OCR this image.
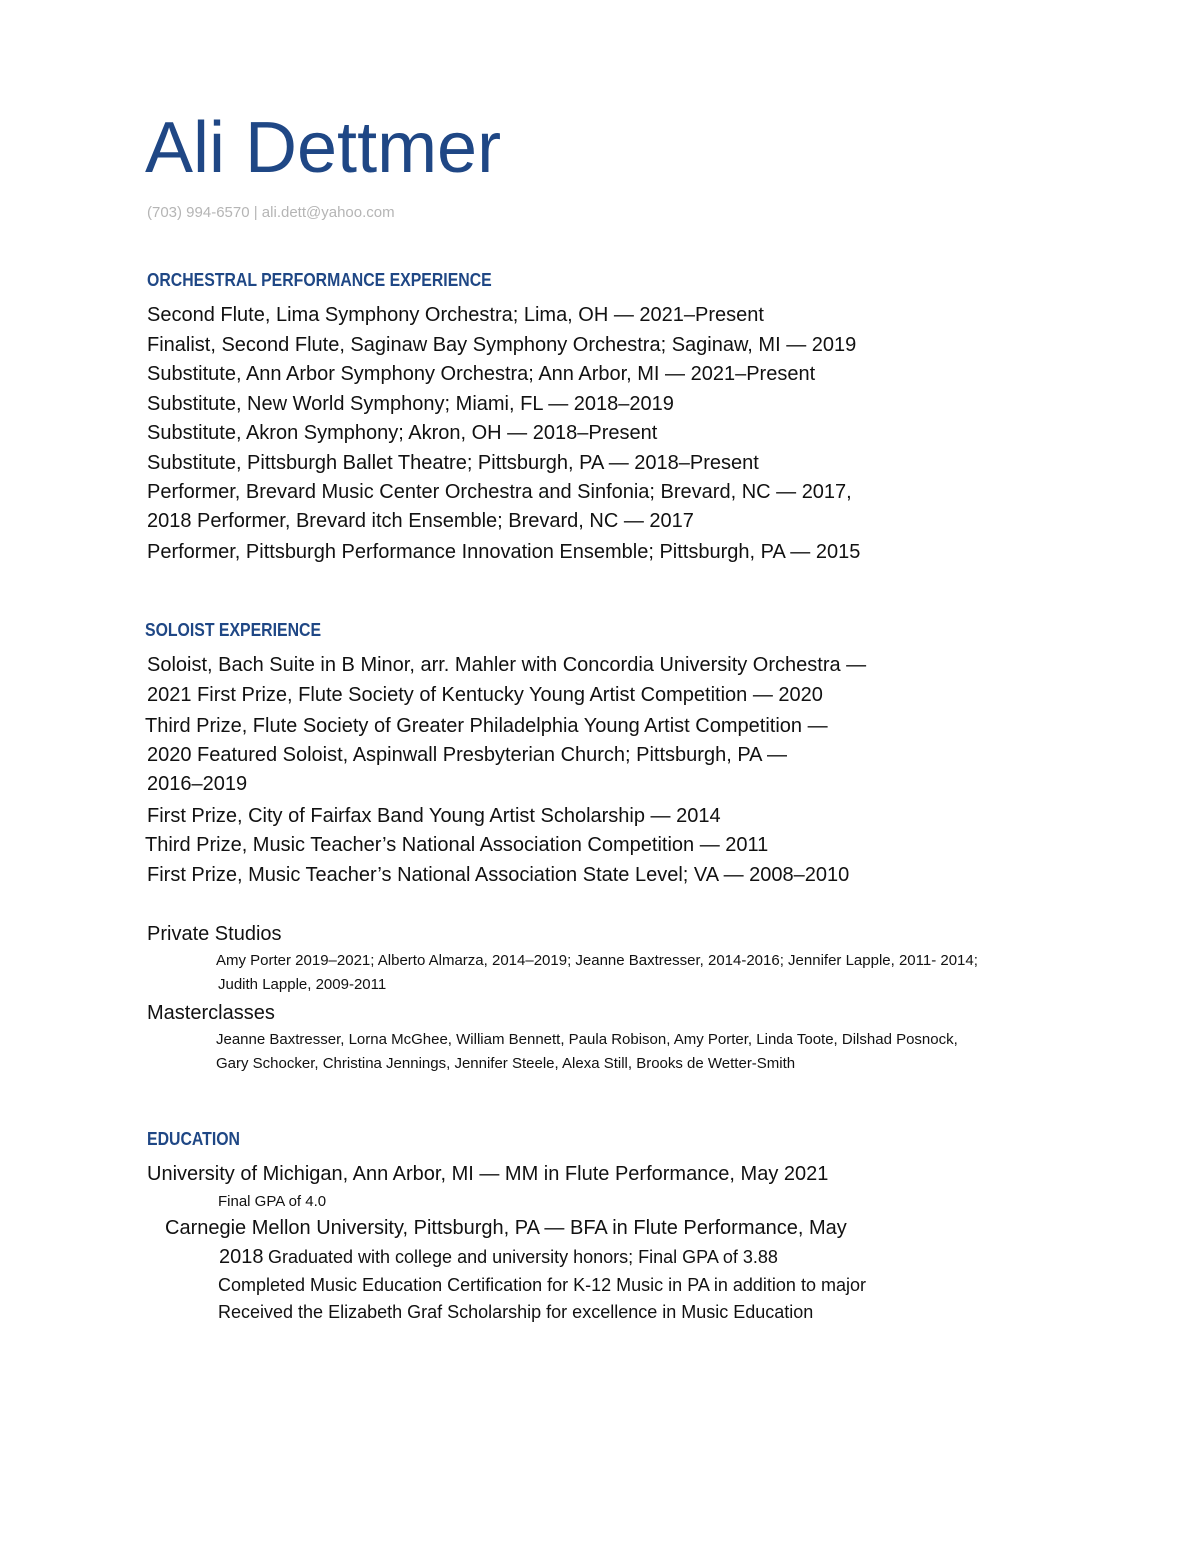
Ali Dettmer
(703) 994-6570 | ali.dett@yahoo.com
ORCHESTRAL PERFORMANCE EXPERIENCE
Second Flute, Lima Symphony Orchestra; Lima, OH — 2021–Present
Finalist, Second Flute, Saginaw Bay Symphony Orchestra; Saginaw, MI — 2019
Substitute, Ann Arbor Symphony Orchestra; Ann Arbor, MI — 2021–Present
Substitute, New World Symphony; Miami, FL — 2018–2019
Substitute, Akron Symphony; Akron, OH — 2018–Present
Substitute, Pittsburgh Ballet Theatre; Pittsburgh, PA — 2018–Present
Performer, Brevard Music Center Orchestra and Sinfonia; Brevard, NC — 2017,
2018 Performer, Brevard itch Ensemble; Brevard, NC — 2017
Performer, Pittsburgh Performance Innovation Ensemble; Pittsburgh, PA — 2015
SOLOIST EXPERIENCE
Soloist, Bach Suite in B Minor, arr. Mahler with Concordia University Orchestra —
2021 First Prize, Flute Society of Kentucky Young Artist Competition — 2020
Third Prize, Flute Society of Greater Philadelphia Young Artist Competition —
2020 Featured Soloist, Aspinwall Presbyterian Church; Pittsburgh, PA —
2016–2019
First Prize, City of Fairfax Band Young Artist Scholarship — 2014
Third Prize, Music Teacher’s National Association Competition — 2011
First Prize, Music Teacher’s National Association State Level; VA — 2008–2010
Private Studios
Amy Porter 2019–2021; Alberto Almarza, 2014–2019; Jeanne Baxtresser, 2014-2016; Jennifer Lapple, 2011- 2014;
Judith Lapple, 2009-2011
Masterclasses
Jeanne Baxtresser, Lorna McGhee, William Bennett, Paula Robison, Amy Porter, Linda Toote, Dilshad Posnock,
Gary Schocker, Christina Jennings, Jennifer Steele, Alexa Still, Brooks de Wetter-Smith
EDUCATION
University of Michigan, Ann Arbor, MI — MM in Flute Performance, May 2021
Final GPA of 4.0
Carnegie Mellon University, Pittsburgh, PA — BFA in Flute Performance, May
2018 Graduated with college and university honors; Final GPA of 3.88
Completed Music Education Certification for K-12 Music in PA in addition to major
Received the Elizabeth Graf Scholarship for excellence in Music Education
